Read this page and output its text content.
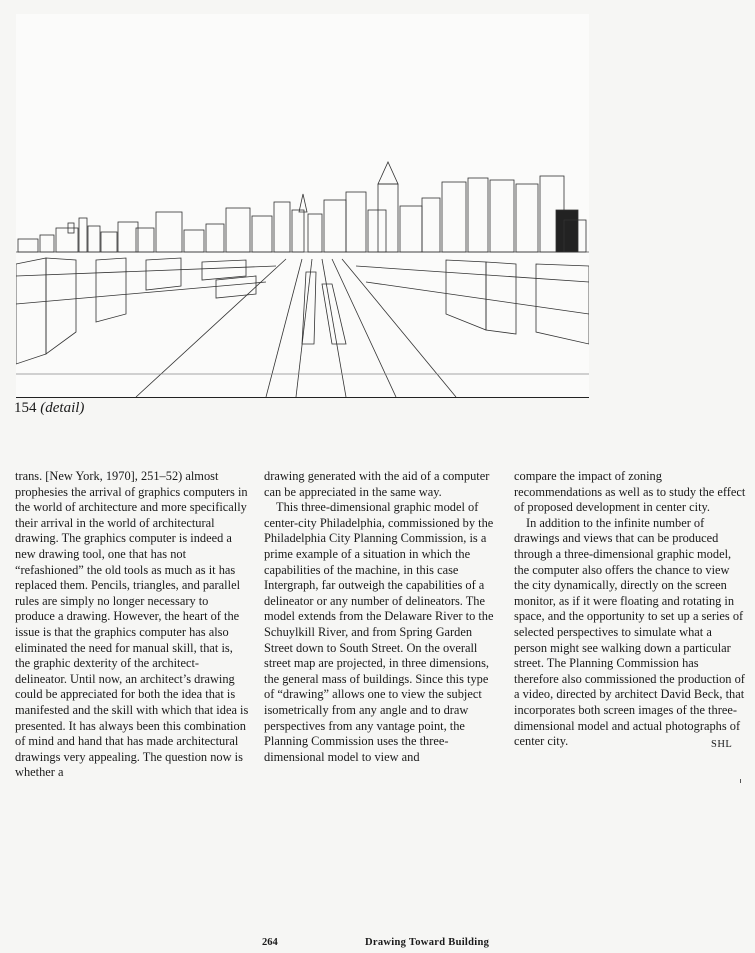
154 (detail)

trans. [New York, 1970], 251–52) almost prophesies the arrival of graphics computers in the world of architecture and more specifically their arrival in the world of architectural drawing. The graphics computer is indeed a new drawing tool, one that has not “refashioned” the old tools as much as it has replaced them. Pencils, triangles, and parallel rules are simply no longer necessary to produce a drawing. However, the heart of the issue is that the graphics computer has also eliminated the need for manual skill, that is, the graphic dexterity of the architect-delineator. Until now, an architect’s drawing could be appreciated for both the idea that is manifested and the skill with which that idea is presented. It has always been this combination of mind and hand that has made architectural drawings very appealing. The question now is whether a

drawing generated with the aid of a computer can be appreciated in the same way.

This three-dimensional graphic model of center-city Philadelphia, commissioned by the Philadelphia City Planning Commission, is a prime example of a situation in which the capabilities of the machine, in this case Intergraph, far outweigh the capabilities of a delineator or any number of delineators. The model extends from the Delaware River to the Schuylkill River, and from Spring Garden Street down to South Street. On the overall street map are projected, in three dimensions, the general mass of buildings. Since this type of “drawing” allows one to view the subject isometrically from any angle and to draw perspectives from any vantage point, the Planning Commission uses the three-dimensional model to view and

compare the impact of zoning recommendations as well as to study the effect of proposed development in center city.

In addition to the infinite number of drawings and views that can be produced through a three-dimensional graphic model, the computer also offers the chance to view the city dynamically, directly on the screen monitor, as if it were floating and rotating in space, and the opportunity to set up a series of selected perspectives to simulate what a person might see walking down a particular street. The Planning Commission has therefore also commissioned the production of a video, directed by architect David Beck, that incorporates both screen images of the three-dimensional model and actual photographs of center city.	SHL
264	Drawing Toward Building
